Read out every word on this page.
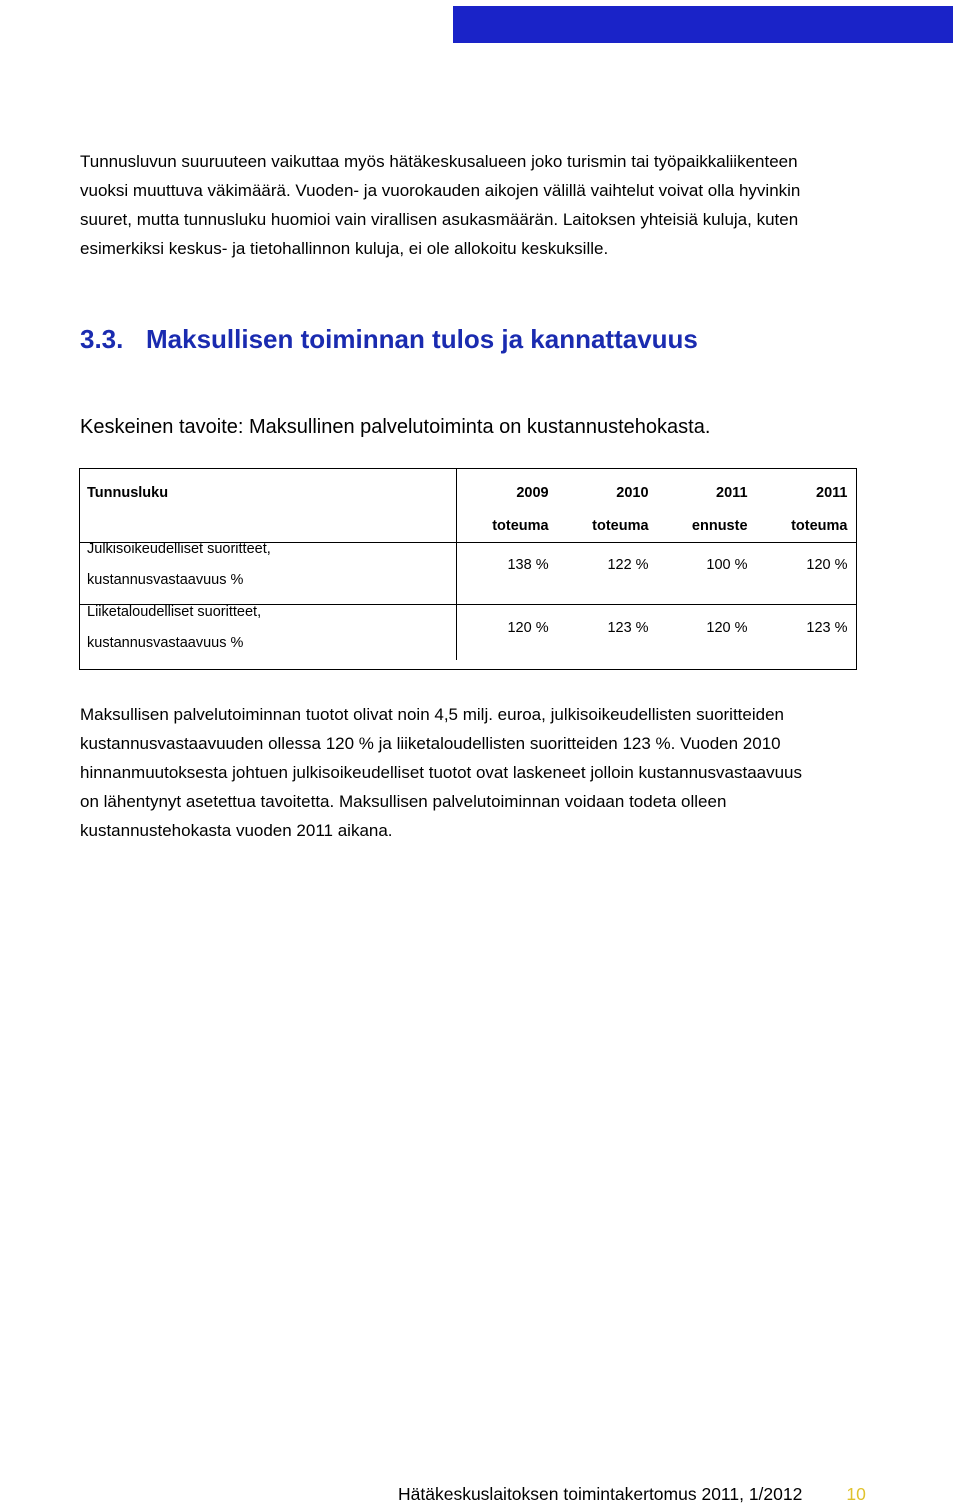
Tunnusluvun suuruuteen vaikuttaa myös hätäkeskusalueen joko turismin tai työpaikkaliikenteen
vuoksi muuttuva väkimäärä. Vuoden- ja vuorokauden aikojen välillä vaihtelut voivat olla hyvinkin
suuret, mutta tunnusluku huomioi vain virallisen asukasmäärän. Laitoksen yhteisiä kuluja, kuten
esimerkiksi keskus- ja tietohallinnon kuluja, ei ole allokoitu keskuksille.

3.3. Maksullisen toiminnan tulos ja kannattavuus

Keskeinen tavoite: Maksullinen palvelutoiminta on kustannustehokasta.

Tunnusluku	2009	2010	2011	2011
	toteuma	toteuma	ennuste	toteuma
Julkisoikeudelliset suoritteet,
kustannusvastaavuus %	138 %	122 %	100 %	120 %
Liiketaloudelliset suoritteet,
kustannusvastaavuus %	120 %	123 %	120 %	123 %

Maksullisen palvelutoiminnan tuotot olivat noin 4,5 milj. euroa, julkisoikeudellisten suoritteiden
kustannusvastaavuuden ollessa 120 % ja liiketaloudellisten suoritteiden 123 %. Vuoden 2010
hinnanmuutoksesta johtuen julkisoikeudelliset tuotot ovat laskeneet jolloin kustannusvastaavuus
on lähentynyt asetettua tavoitetta. Maksullisen palvelutoiminnan voidaan todeta olleen
kustannustehokasta vuoden 2011 aikana.

Hätäkeskuslaitoksen toimintakertomus 2011, 1/2012	10
